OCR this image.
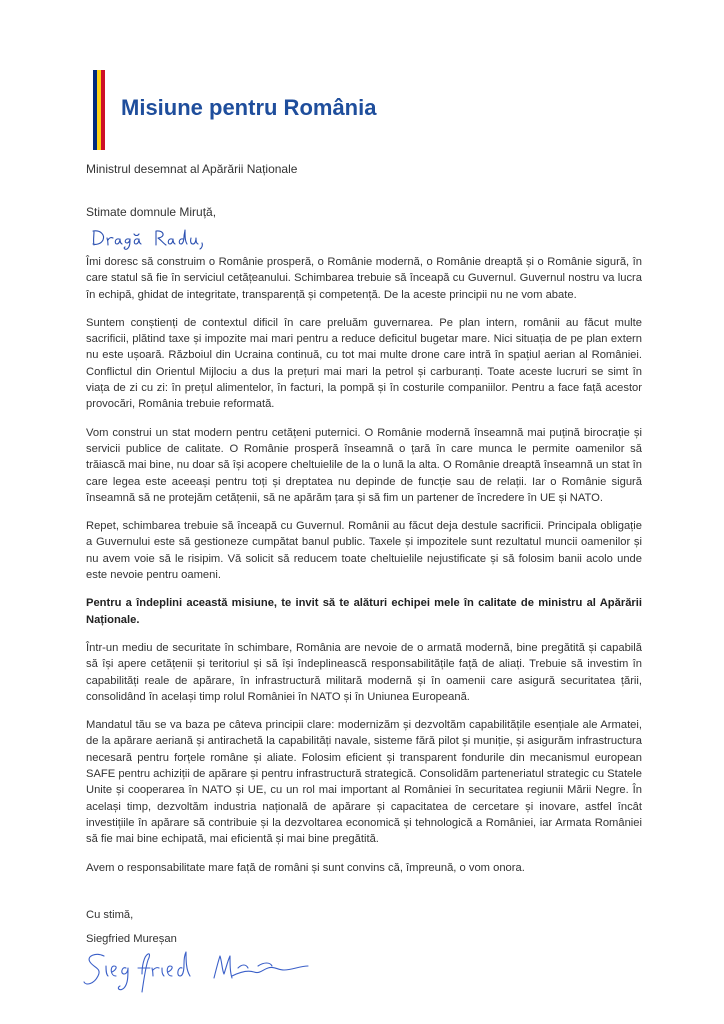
Misiune pentru România
Ministrul desemnat al Apărării Naționale
Stimate domnule Miruță,

Îmi doresc să construim o Românie prosperă, o Românie modernă, o Românie dreaptă și o Românie sigură, în care statul să fie în serviciul cetățeanului. Schimbarea trebuie să înceapă cu Guvernul. Guvernul nostru va lucra în echipă, ghidat de integritate, transparență și competență. De la aceste principii nu ne vom abate.

Suntem conștienți de contextul dificil în care preluăm guvernarea. Pe plan intern, românii au făcut multe sacrificii, plătind taxe și impozite mai mari pentru a reduce deficitul bugetar mare. Nici situația de pe plan extern nu este ușoară. Războiul din Ucraina continuă, cu tot mai multe drone care intră în spațiul aerian al României. Conflictul din Orientul Mijlociu a dus la prețuri mai mari la petrol și carburanți. Toate aceste lucruri se simt în viața de zi cu zi: în prețul alimentelor, în facturi, la pompă și în costurile companiilor. Pentru a face față acestor provocări, România trebuie reformată.

Vom construi un stat modern pentru cetățeni puternici. O Românie modernă înseamnă mai puțină birocrație și servicii publice de calitate. O Românie prosperă înseamnă o țară în care munca le permite oamenilor să trăiască mai bine, nu doar să își acopere cheltuielile de la o lună la alta. O Românie dreaptă înseamnă un stat în care legea este aceeași pentru toți și dreptatea nu depinde de funcție sau de relații. Iar o Românie sigură înseamnă să ne protejăm cetățenii, să ne apărăm țara și să fim un partener de încredere în UE și NATO.

Repet, schimbarea trebuie să înceapă cu Guvernul. Românii au făcut deja destule sacrificii. Principala obligație a Guvernului este să gestioneze cumpătat banul public. Taxele și impozitele sunt rezultatul muncii oamenilor și nu avem voie să le risipim. Vă solicit să reducem toate cheltuielile nejustificate și să folosim banii acolo unde este nevoie pentru oameni.

Pentru a îndeplini această misiune, te invit să te alături echipei mele în calitate de ministru al Apărării Naționale.

Într-un mediu de securitate în schimbare, România are nevoie de o armată modernă, bine pregătită și capabilă să își apere cetățenii și teritoriul și să își îndeplinească responsabilitățile față de aliați. Trebuie să investim în capabilități reale de apărare, în infrastructură militară modernă și în oamenii care asigură securitatea țării, consolidând în același timp rolul României în NATO și în Uniunea Europeană.

Mandatul tău se va baza pe câteva principii clare: modernizăm și dezvoltăm capabilitățile esențiale ale Armatei, de la apărare aeriană și antirachetă la capabilități navale, sisteme fără pilot și muniție, și asigurăm infrastructura necesară pentru forțele române și aliate. Folosim eficient și transparent fondurile din mecanismul european SAFE pentru achiziții de apărare și pentru infrastructură strategică. Consolidăm parteneriatul strategic cu Statele Unite și cooperarea în NATO și UE, cu un rol mai important al României în securitatea regiunii Mării Negre. În același timp, dezvoltăm industria națională de apărare și capacitatea de cercetare și inovare, astfel încât investițiile în apărare să contribuie și la dezvoltarea economică și tehnologică a României, iar Armata României să fie mai bine echipată, mai eficientă și mai bine pregătită.

Avem o responsabilitate mare față de români și sunt convins că, împreună, o vom onora.

Cu stimă,
Siegfried Mureșan
